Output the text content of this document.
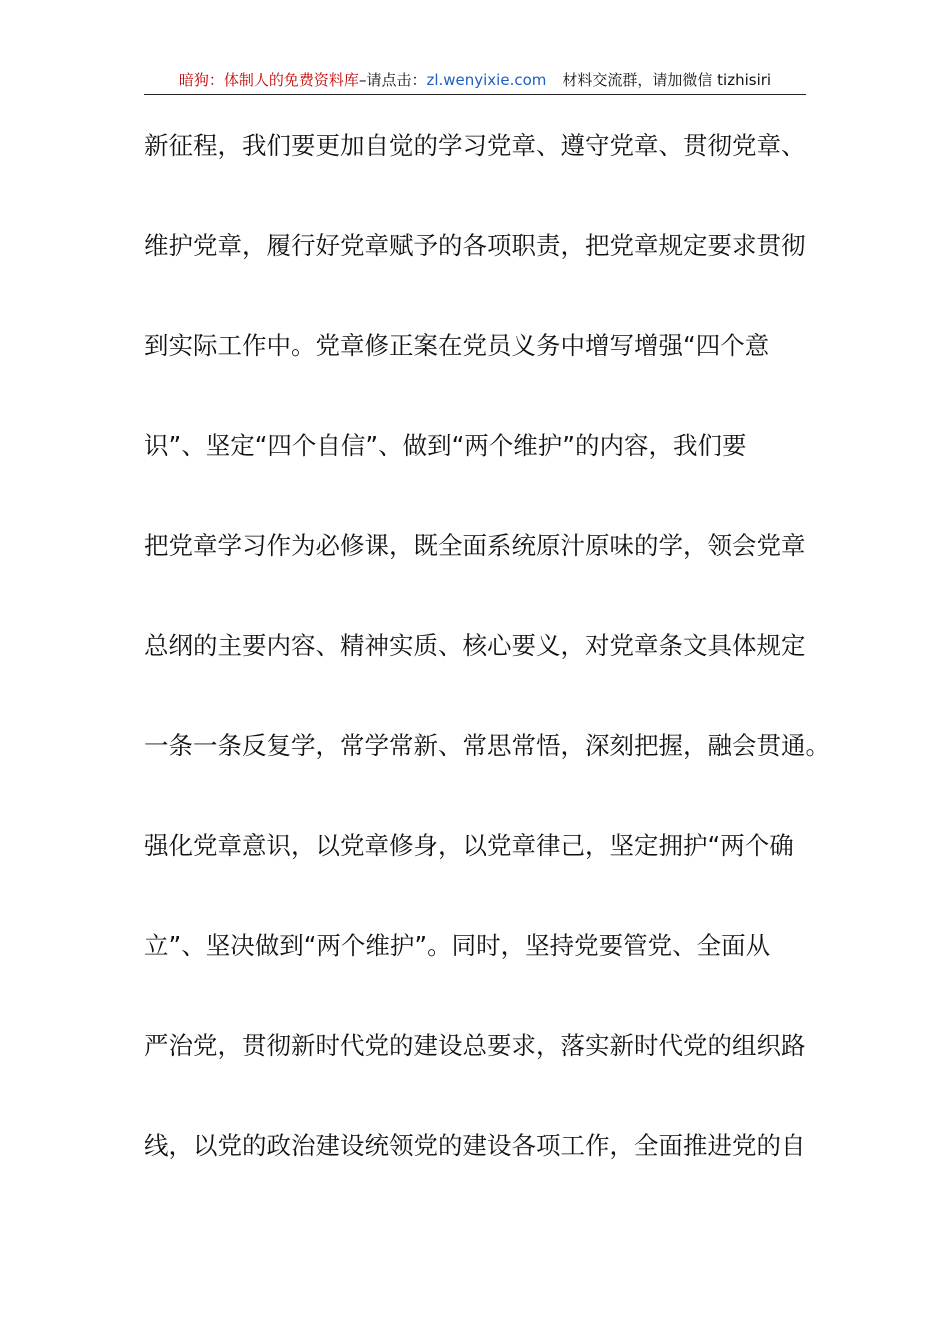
暗狗：体制人的免费资料库–请点击：zl.wenyixie.com 材料交流群，请加微信 tizhisiri
新征程，我们要更加自觉的学习党章、遵守党章、贯彻党章、
维护党章，履行好党章赋予的各项职责，把党章规定要求贯彻
到实际工作中。党章修正案在党员义务中增写增强“四个意
识”、坚定“四个自信”、做到“两个维护”的内容，我们要
把党章学习作为必修课，既全面系统原汁原味的学，领会党章
总纲的主要内容、精神实质、核心要义，对党章条文具体规定
一条一条反复学，常学常新、常思常悟，深刻把握，融会贯通。
强化党章意识，以党章修身，以党章律己，坚定拥护“两个确
立”、坚决做到“两个维护”。同时，坚持党要管党、全面从
严治党，贯彻新时代党的建设总要求，落实新时代党的组织路
线，以党的政治建设统领党的建设各项工作，全面推进党的自
